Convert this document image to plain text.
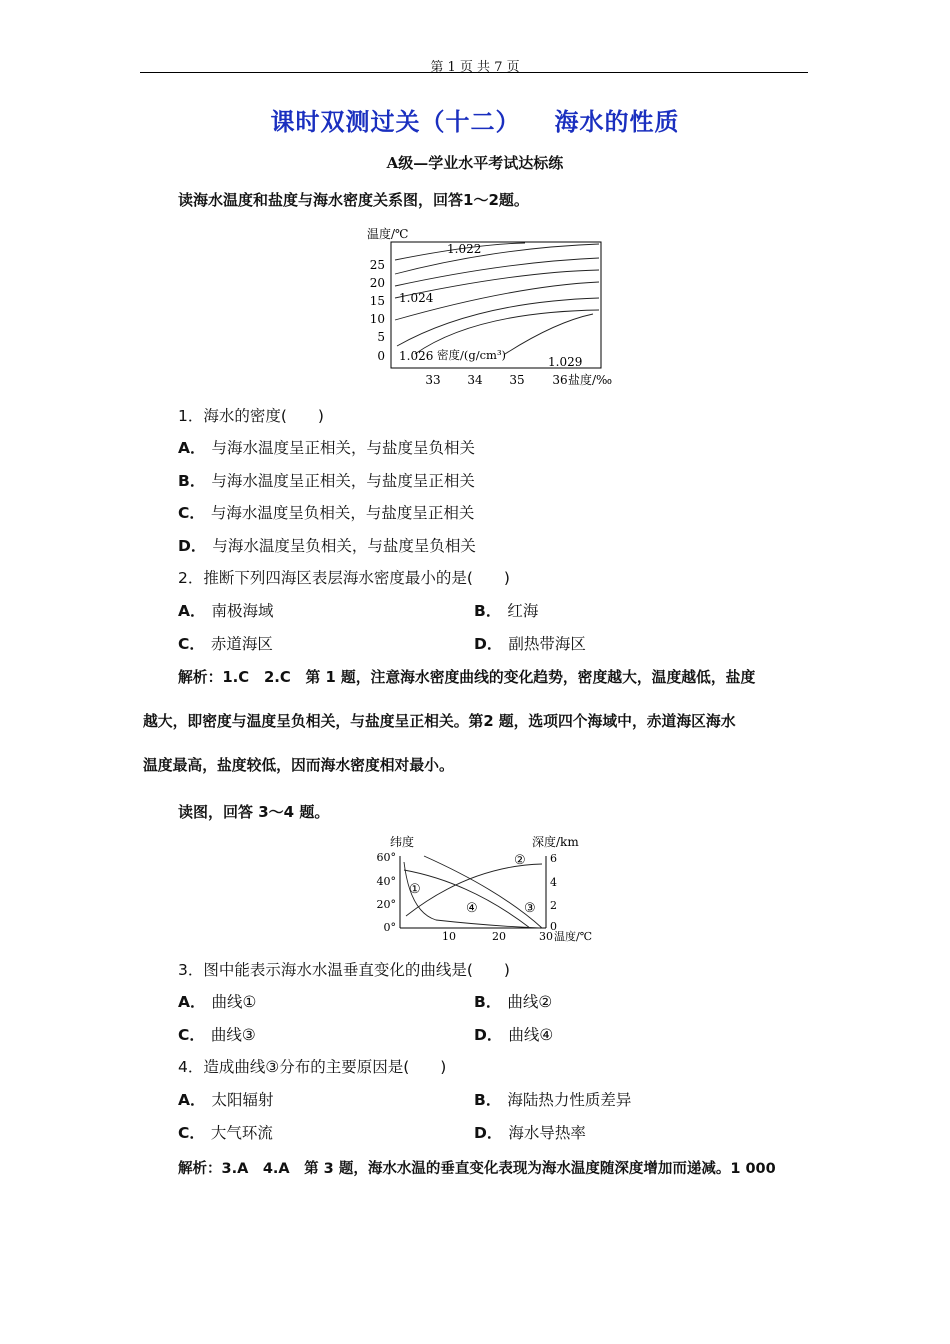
第 1 页 共 7 页
课时双测过关（十二） 海水的性质
A级—学业水平考试达标练
读海水温度和盐度与海水密度关系图，回答1～2题。
温度/℃
25
20
15
10
5
0
33 34 35 36 盐度/‰
1.022
1.024
1.026 密度/(g/cm³)	1.029
1．海水的密度(　　)
A． 与海水温度呈正相关，与盐度呈负相关
B． 与海水温度呈正相关，与盐度呈正相关
C． 与海水温度呈负相关，与盐度呈正相关
D． 与海水温度呈负相关，与盐度呈负相关
2．推断下列四海区表层海水密度最小的是(　　)
A． 南极海域	B． 红海
C． 赤道海区	D． 副热带海区
解析：1.C　2.C　第 1 题，注意海水密度曲线的变化趋势，密度越大，温度越低，盐度
越大，即密度与温度呈负相关，与盐度呈正相关。第2 题，选项四个海域中，赤道海区海水
温度最高，盐度较低，因而海水密度相对最小。
读图，回答 3～4 题。
纬度	深度/km
60°
40°
20°
0°
6
4
2
0
10	20	30 温度/℃
①
②
③
④
3．图中能表示海水水温垂直变化的曲线是(　　)
A． 曲线①	B． 曲线②
C． 曲线③	D． 曲线④
4．造成曲线③分布的主要原因是(　　)
A． 太阳辐射	B． 海陆热力性质差异
C． 大气环流	D． 海水导热率
解析：3.A　4.A　第 3 题，海水水温的垂直变化表现为海水温度随深度增加而递减。1 000
